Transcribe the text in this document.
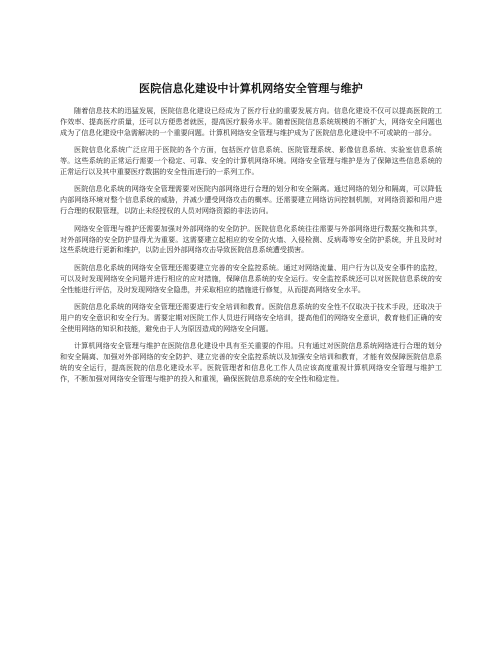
医院信息化建设中计算机网络安全管理与维护

随着信息技术的迅猛发展，医院信息化建设已经成为了医疗行业的重要发展方向。信息化建设不仅可以提高医院的工作效率、提高医疗质量，还可以方便患者就医，提高医疗服务水平。随着医院信息系统规模的不断扩大，网络安全问题也成为了信息化建设中急需解决的一个重要问题。计算机网络安全管理与维护成为了医院信息化建设中不可或缺的一部分。

医院信息化系统广泛应用于医院的各个方面，包括医疗信息系统、医院管理系统、影像信息系统、实验室信息系统等。这些系统的正常运行需要一个稳定、可靠、安全的计算机网络环境。网络安全管理与维护是为了保障这些信息系统的正常运行以及其中重要医疗数据的安全性而进行的一系列工作。

医院信息化系统的网络安全管理需要对医院内部网络进行合理的划分和安全隔离。通过网络的划分和隔离，可以降低内部网络环境对整个信息系统的威胁，并减少遭受网络攻击的概率。还需要建立网络访问控制机制，对网络资源和用户进行合理的权限管理，以防止未经授权的人员对网络资源的非法访问。

网络安全管理与维护还需要加强对外部网络的安全防护。医院信息化系统往往需要与外部网络进行数据交换和共享，对外部网络的安全防护显得尤为重要。这需要建立起相应的安全防火墙、入侵检测、反病毒等安全防护系统，并且及时对这些系统进行更新和维护，以防止因外部网络攻击导致医院信息系统遭受损害。

医院信息化系统的网络安全管理还需要建立完善的安全监控系统。通过对网络流量、用户行为以及安全事件的监控，可以及时发现网络安全问题并进行相应的应对措施，保障信息系统的安全运行。安全监控系统还可以对医院信息系统的安全性能进行评估，及时发现网络安全隐患，并采取相应的措施进行修复，从而提高网络安全水平。

医院信息化系统的网络安全管理还需要进行安全培训和教育。医院信息系统的安全性不仅取决于技术手段，还取决于用户的安全意识和安全行为。需要定期对医院工作人员进行网络安全培训，提高他们的网络安全意识，教育他们正确的安全使用网络的知识和技能，避免由于人为原因造成的网络安全问题。

计算机网络安全管理与维护在医院信息化建设中具有至关重要的作用。只有通过对医院信息系统网络进行合理的划分和安全隔离、加强对外部网络的安全防护、建立完善的安全监控系统以及加强安全培训和教育，才能有效保障医院信息系统的安全运行，提高医院的信息化建设水平。医院管理者和信息化工作人员应该高度重视计算机网络安全管理与维护工作，不断加强对网络安全管理与维护的投入和重视，确保医院信息系统的安全性和稳定性。
